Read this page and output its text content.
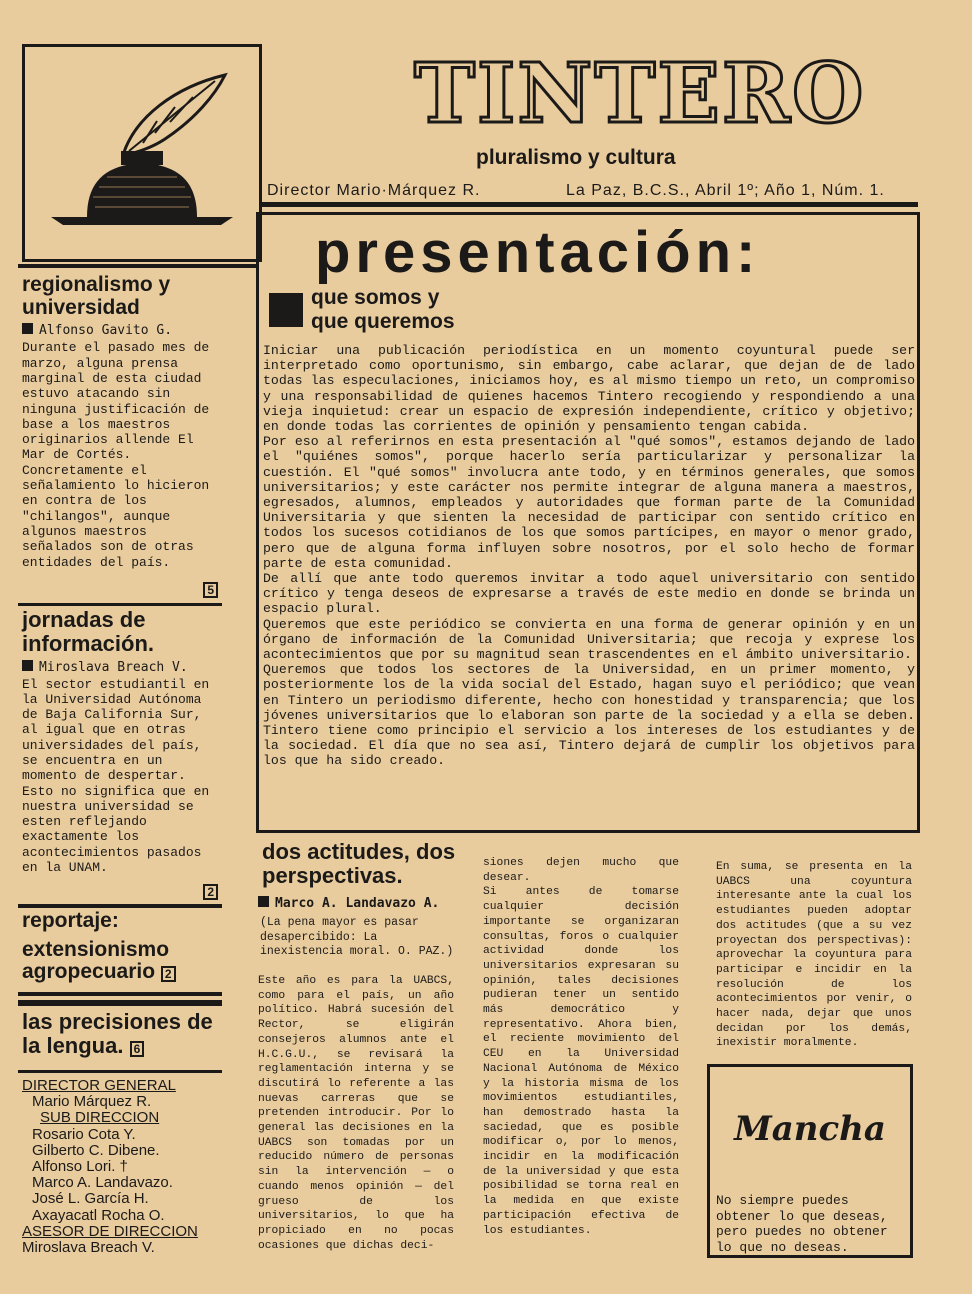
TINTERO
pluralismo y cultura
Director Mario·Márquez R.	La Paz, B.C.S., Abril 1º; Año 1, Núm. 1.
presentación:
que somos y
que queremos
Iniciar una publicación periodística en un momento coyuntural puede ser interpretado como oportunismo, sin embargo, cabe aclarar, que dejan de de lado todas las especulaciones, iniciamos hoy, es al mismo tiempo un reto, un compromiso y una responsabilidad de quienes hacemos Tintero recogiendo y respondiendo a una vieja inquietud: crear un espacio de expresión independiente, crítico y objetivo; en donde todas las corrientes de opinión y pensamiento tengan cabida.
Por eso al referirnos en esta presentación al "qué somos", estamos dejando de lado el "quiénes somos", porque hacerlo sería particularizar y personalizar la cuestión. El "qué somos" involucra ante todo, y en términos generales, que somos universitarios; y este carácter nos permite integrar de alguna manera a maestros, egresados, alumnos, empleados y autoridades que forman parte de la Comunidad Universitaria y que sienten la necesidad de participar con sentido crítico en todos los sucesos cotidianos de los que somos partícipes, en mayor o menor grado, pero que de alguna forma influyen sobre nosotros, por el solo hecho de formar parte de esta comunidad.
De allí que ante todo queremos invitar a todo aquel universitario con sentido crítico y tenga deseos de expresarse a través de este medio en donde se brinda un espacio plural.
Queremos que este periódico se convierta en una forma de generar opinión y en un órgano de información de la Comunidad Universitaria; que recoja y exprese los acontecimientos que por su magnitud sean trascendentes en el ámbito universitario.
Queremos que todos los sectores de la Universidad, en un primer momento, y posteriormente los de la vida social del Estado, hagan suyo el periódico; que vean en Tintero un periodismo diferente, hecho con honestidad y transparencia; que los jóvenes universitarios que lo elaboran son parte de la sociedad y a ella se deben. Tintero tiene como principio el servicio a los intereses de los estudiantes y de la sociedad. El día que no sea así, Tintero dejará de cumplir los objetivos para los que ha sido creado.
regionalismo y universidad
Alfonso Gavito G.
Durante el pasado mes de marzo, alguna prensa marginal de esta ciudad estuvo atacando sin ninguna justificación de base a los maestros originarios allende El Mar de Cortés. Concretamente el señalamiento lo hicieron en contra de los "chilangos", aunque algunos maestros señalados son de otras entidades del país.
5
jornadas de información.
Miroslava Breach V.
El sector estudiantil en la Universidad Autónoma de Baja California Sur, al igual que en otras universidades del país, se encuentra en un momento de despertar. Esto no significa que en nuestra universidad se esten reflejando exactamente los acontecimientos pasados en la UNAM.
2
reportaje:
extensionismo agropecuario 2
las precisiones de la lengua. 6
DIRECTOR GENERAL
Mario Márquez R.
SUB DIRECCION
Rosario Cota Y.
Gilberto C. Dibene.
Alfonso Lori. †
Marco A. Landavazo.
José L. García H.
Axayacatl Rocha O.
ASESOR DE DIRECCION
Miroslava Breach V.
dos actitudes, dos perspectivas.
Marco A. Landavazo A.
(La pena mayor es pasar desapercibido: La inexistencia moral. O. PAZ.)
Este año es para la UABCS, como para el país, un año político. Habrá sucesión del Rector, se eligirán consejeros alumnos ante el H.C.G.U., se revisará la reglamentación interna y se discutirá lo referente a las nuevas carreras que se pretenden introducir. Por lo general las decisiones en la UABCS son tomadas por un reducido número de personas sin la intervención — o cuando menos opinión — del grueso de los universitarios, lo que ha propiciado en no pocas ocasiones que dichas deci-
siones dejen mucho que desear.
Si antes de tomarse cualquier decisión importante se organizaran consultas, foros o cualquier actividad donde los universitarios expresaran su opinión, tales decisiones pudieran tener un sentido más democrático y representativo. Ahora bien, el reciente movimiento del CEU en la Universidad Nacional Autónoma de México y la historia misma de los movimientos estudiantiles, han demostrado hasta la saciedad, que es posible modificar o, por lo menos, incidir en la modificación de la universidad y que esta posibilidad se torna real en la medida en que existe participación efectiva de los estudiantes.
En suma, se presenta en la UABCS una coyuntura interesante ante la cual los estudiantes pueden adoptar dos actitudes (que a su vez proyectan dos perspectivas): aprovechar la coyuntura para participar e incidir en la resolución de los acontecimientos por venir, o hacer nada, dejar que unos decidan por los demás, inexistir moralmente.
Mancha
No siempre puedes obtener lo que deseas, pero puedes no obtener lo que no deseas.
